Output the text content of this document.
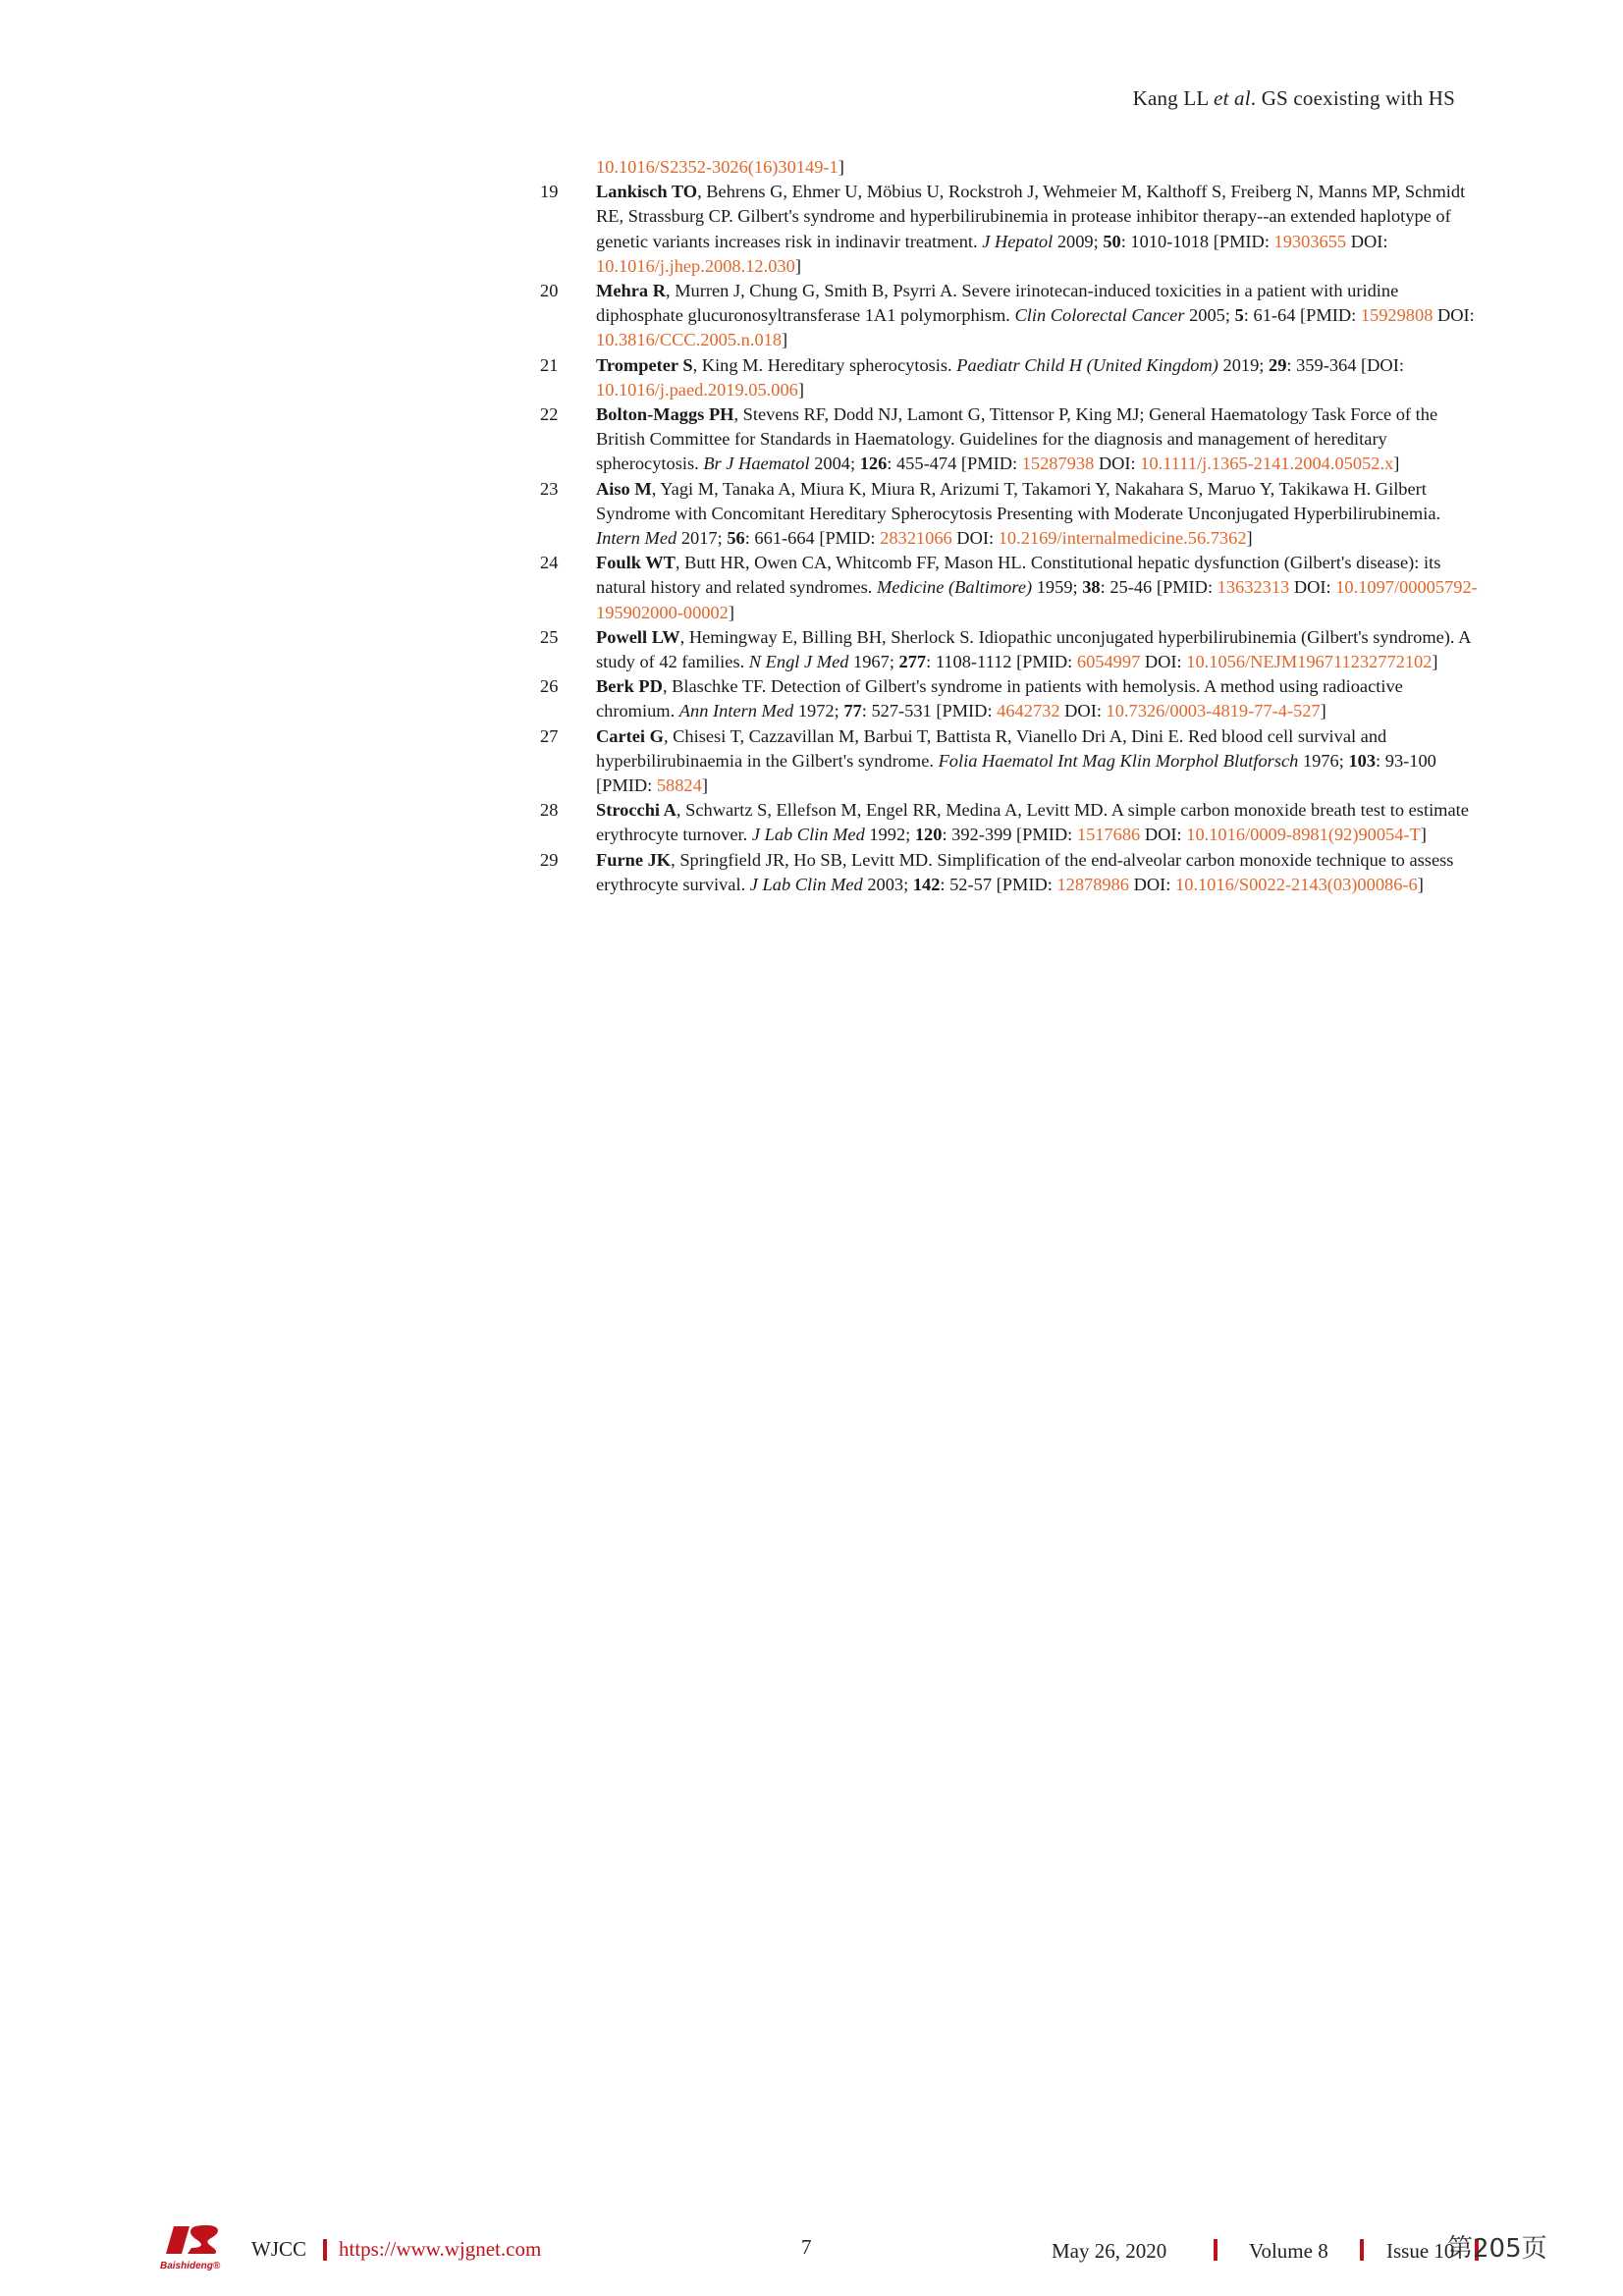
Kang LL et al. GS coexisting with HS
10.1016/S2352-3026(16)30149-1]
19	Lankisch TO, Behrens G, Ehmer U, Möbius U, Rockstroh J, Wehmeier M, Kalthoff S, Freiberg N, Manns MP, Schmidt RE, Strassburg CP. Gilbert's syndrome and hyperbilirubinemia in protease inhibitor therapy--an extended haplotype of genetic variants increases risk in indinavir treatment. J Hepatol 2009; 50: 1010-1018 [PMID: 19303655 DOI: 10.1016/j.jhep.2008.12.030]
20	Mehra R, Murren J, Chung G, Smith B, Psyrri A. Severe irinotecan-induced toxicities in a patient with uridine diphosphate glucuronosyltransferase 1A1 polymorphism. Clin Colorectal Cancer 2005; 5: 61-64 [PMID: 15929808 DOI: 10.3816/CCC.2005.n.018]
21	Trompeter S, King M. Hereditary spherocytosis. Paediatr Child H (United Kingdom) 2019; 29: 359-364 [DOI: 10.1016/j.paed.2019.05.006]
22	Bolton-Maggs PH, Stevens RF, Dodd NJ, Lamont G, Tittensor P, King MJ; General Haematology Task Force of the British Committee for Standards in Haematology. Guidelines for the diagnosis and management of hereditary spherocytosis. Br J Haematol 2004; 126: 455-474 [PMID: 15287938 DOI: 10.1111/j.1365-2141.2004.05052.x]
23	Aiso M, Yagi M, Tanaka A, Miura K, Miura R, Arizumi T, Takamori Y, Nakahara S, Maruo Y, Takikawa H. Gilbert Syndrome with Concomitant Hereditary Spherocytosis Presenting with Moderate Unconjugated Hyperbilirubinemia. Intern Med 2017; 56: 661-664 [PMID: 28321066 DOI: 10.2169/internalmedicine.56.7362]
24	Foulk WT, Butt HR, Owen CA, Whitcomb FF, Mason HL. Constitutional hepatic dysfunction (Gilbert's disease): its natural history and related syndromes. Medicine (Baltimore) 1959; 38: 25-46 [PMID: 13632313 DOI: 10.1097/00005792-195902000-00002]
25	Powell LW, Hemingway E, Billing BH, Sherlock S. Idiopathic unconjugated hyperbilirubinemia (Gilbert's syndrome). A study of 42 families. N Engl J Med 1967; 277: 1108-1112 [PMID: 6054997 DOI: 10.1056/NEJM196711232772102]
26	Berk PD, Blaschke TF. Detection of Gilbert's syndrome in patients with hemolysis. A method using radioactive chromium. Ann Intern Med 1972; 77: 527-531 [PMID: 4642732 DOI: 10.7326/0003-4819-77-4-527]
27	Cartei G, Chisesi T, Cazzavillan M, Barbui T, Battista R, Vianello Dri A, Dini E. Red blood cell survival and hyperbilirubinaemia in the Gilbert's syndrome. Folia Haematol Int Mag Klin Morphol Blutforsch 1976; 103: 93-100 [PMID: 58824]
28	Strocchi A, Schwartz S, Ellefson M, Engel RR, Medina A, Levitt MD. A simple carbon monoxide breath test to estimate erythrocyte turnover. J Lab Clin Med 1992; 120: 392-399 [PMID: 1517686 DOI: 10.1016/0009-8981(92)90054-T]
29	Furne JK, Springfield JR, Ho SB, Levitt MD. Simplification of the end-alveolar carbon monoxide technique to assess erythrocyte survival. J Lab Clin Med 2003; 142: 52-57 [PMID: 12878986 DOI: 10.1016/S0022-2143(03)00086-6]
Baishideng®
WJCC https://www.wjgnet.com	7	May 26, 2020	Volume 8	Issue 10
第205页
